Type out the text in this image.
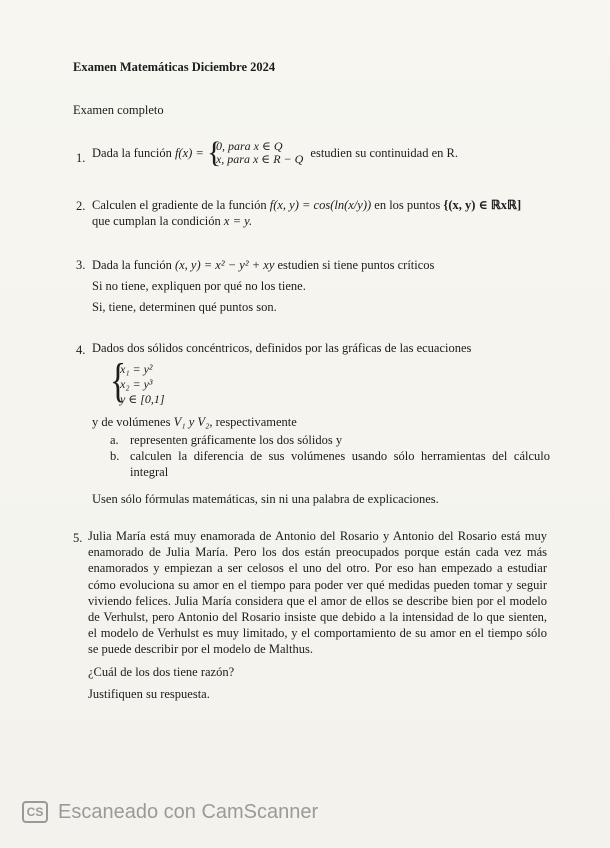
Examen Matemáticas Diciembre 2024
Examen completo
1. Dada la función f(x) = {
0, para x ∈ Q
x, para x ∈ R − Q estudien su continuidad en R.
2. Calculen el gradiente de la función f(x, y) = cos(ln(x/y)) en los puntos {(x, y) ∈ ℝxℝ]
que cumplan la condición x = y.
3. Dada la función (x, y) = x² − y² + xy estudien si tiene puntos críticos
Si no tiene, expliquen por qué no los tiene.
Si, tiene, determinen qué puntos son.
4. Dados dos sólidos concéntricos, definidos por las gráficas de las ecuaciones
{
x₁ = y²
x₂ = y³
y ∈ [0,1]
y de volúmenes V₁ y V₂, respectivamente
a. representen gráficamente los dos sólidos y
b. calculen la diferencia de sus volúmenes usando sólo herramientas del cálculo integral
Usen sólo fórmulas matemáticas, sin ni una palabra de explicaciones.
5. Julia María está muy enamorada de Antonio del Rosario y Antonio del Rosario está muy enamorado de Julia María. Pero los dos están preocupados porque están cada vez más enamorados y empiezan a ser celosos el uno del otro. Por eso han empezado a estudiar cómo evoluciona su amor en el tiempo para poder ver qué medidas pueden tomar y seguir viviendo felices. Julia María considera que el amor de ellos se describe bien por el modelo de Verhulst, pero Antonio del Rosario insiste que debido a la intensidad de lo que sienten, el modelo de Verhulst es muy limitado, y el comportamiento de su amor en el tiempo sólo se puede describir por el modelo de Malthus.
¿Cuál de los dos tiene razón?
Justifiquen su respuesta.
CS Escaneado con CamScanner
